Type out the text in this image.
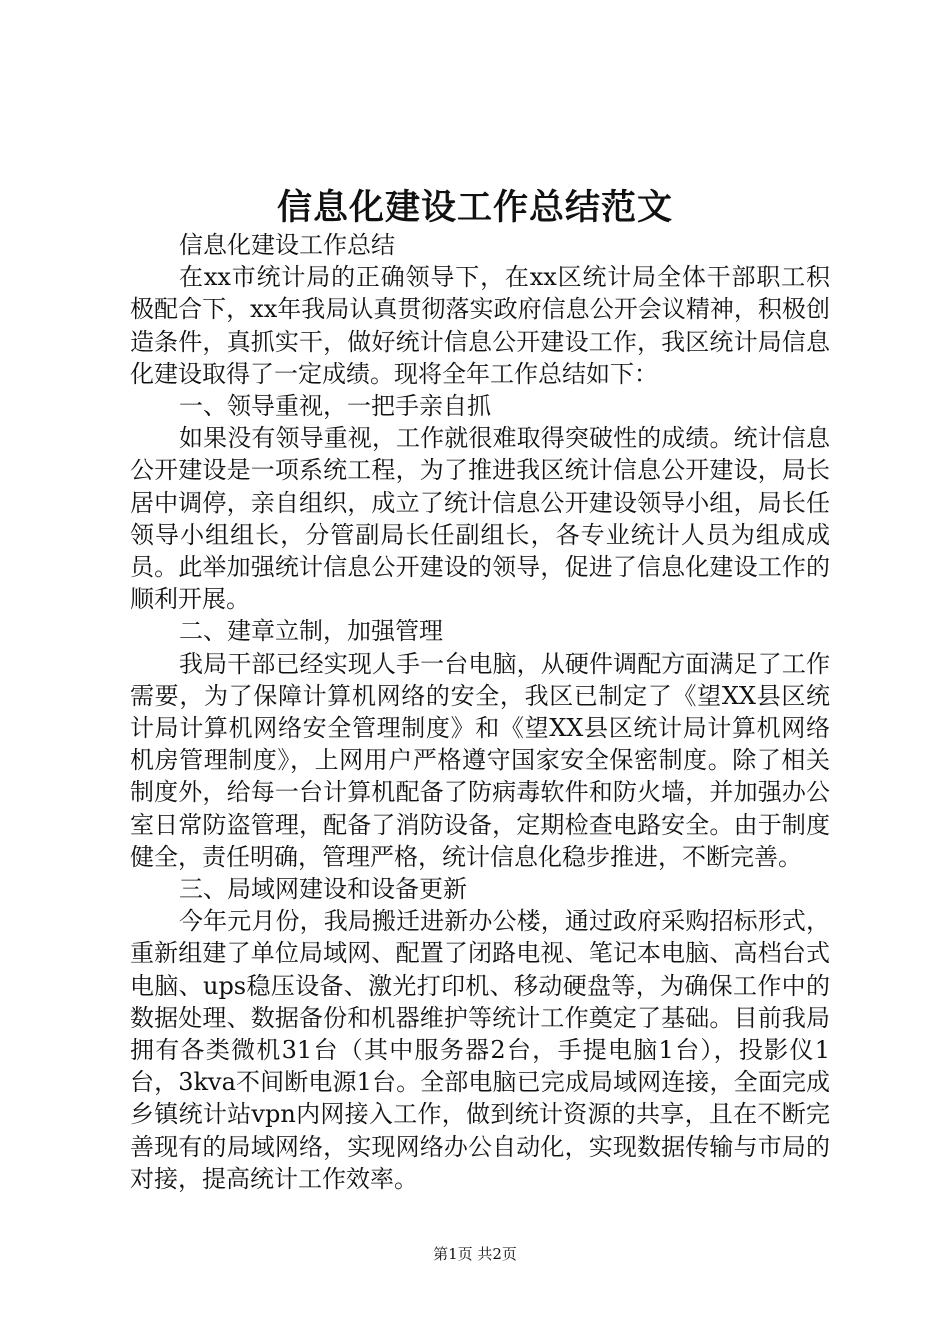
信息化建设工作总结范文

信息化建设工作总结

在xx市统计局的正确领导下，在xx区统计局全体干部职工积极配合下，xx年我局认真贯彻落实政府信息公开会议精神，积极创造条件，真抓实干，做好统计信息公开建设工作，我区统计局信息化建设取得了一定成绩。现将全年工作总结如下：

一、领导重视，一把手亲自抓

如果没有领导重视，工作就很难取得突破性的成绩。统计信息公开建设是一项系统工程，为了推进我区统计信息公开建设，局长居中调停，亲自组织，成立了统计信息公开建设领导小组，局长任领导小组组长，分管副局长任副组长，各专业统计人员为组成成员。此举加强统计信息公开建设的领导，促进了信息化建设工作的顺利开展。

二、建章立制，加强管理

我局干部已经实现人手一台电脑，从硬件调配方面满足了工作需要，为了保障计算机网络的安全，我区已制定了《望XX县区统计局计算机网络安全管理制度》和《望XX县区统计局计算机网络机房管理制度》，上网用户严格遵守国家安全保密制度。除了相关制度外，给每一台计算机配备了防病毒软件和防火墙，并加强办公室日常防盗管理，配备了消防设备，定期检查电路安全。由于制度健全，责任明确，管理严格，统计信息化稳步推进，不断完善。

三、局域网建设和设备更新

今年元月份，我局搬迁进新办公楼，通过政府采购招标形式，重新组建了单位局域网、配置了闭路电视、笔记本电脑、高档台式电脑、ups稳压设备、激光打印机、移动硬盘等，为确保工作中的数据处理、数据备份和机器维护等统计工作奠定了基础。目前我局拥有各类微机31台（其中服务器2台，手提电脑1台），投影仪1台，3kva不间断电源1台。全部电脑已完成局域网连接，全面完成乡镇统计站vpn内网接入工作，做到统计资源的共享，且在不断完善现有的局域网络，实现网络办公自动化，实现数据传输与市局的对接，提高统计工作效率。

第1页 共2页
